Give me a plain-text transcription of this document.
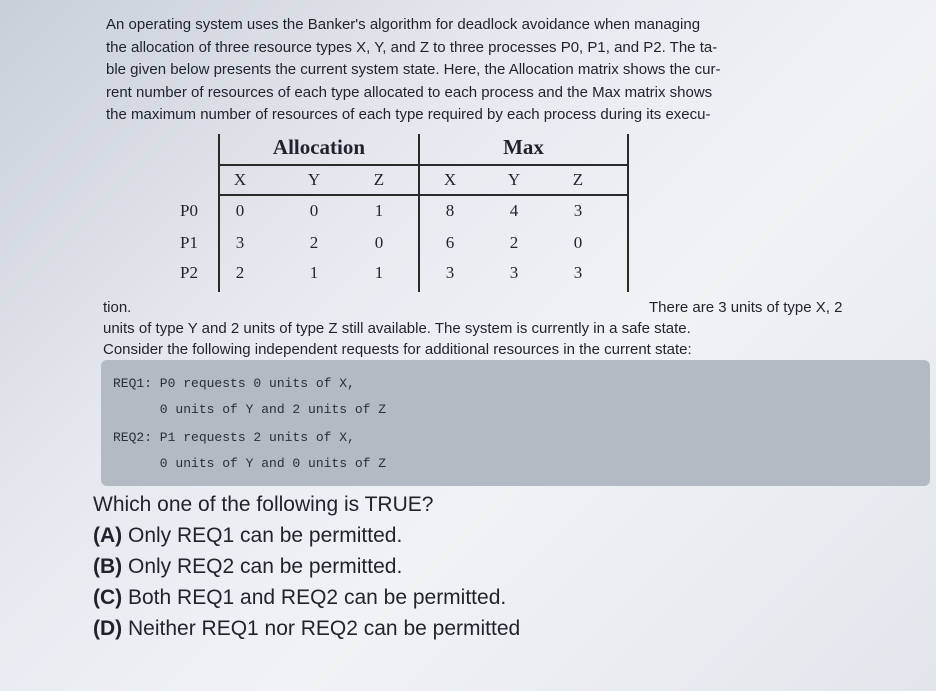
An operating system uses the Banker's algorithm for deadlock avoidance when managing
the allocation of three resource types X, Y, and Z to three processes P0, P1, and P2. The ta-
ble given below presents the current system state. Here, the Allocation matrix shows the cur-
rent number of resources of each type allocated to each process and the Max matrix shows
the maximum number of resources of each type required by each process during its execu-
Allocation	Max
X	Y	Z	X	Y	Z
P0	0	0	1	8	4	3
P1	3	2	0	6	2	0
P2	2	1	1	3	3	3
tion.	There are 3 units of type X, 2
units of type Y and 2 units of type Z still available. The system is currently in a safe state.
Consider the following independent requests for additional resources in the current state:
REQ1: P0 requests 0 units of X,
0 units of Y and 2 units of Z
REQ2: P1 requests 2 units of X,
0 units of Y and 0 units of Z
Which one of the following is TRUE?
(A) Only REQ1 can be permitted.
(B) Only REQ2 can be permitted.
(C) Both REQ1 and REQ2 can be permitted.
(D) Neither REQ1 nor REQ2 can be permitted
